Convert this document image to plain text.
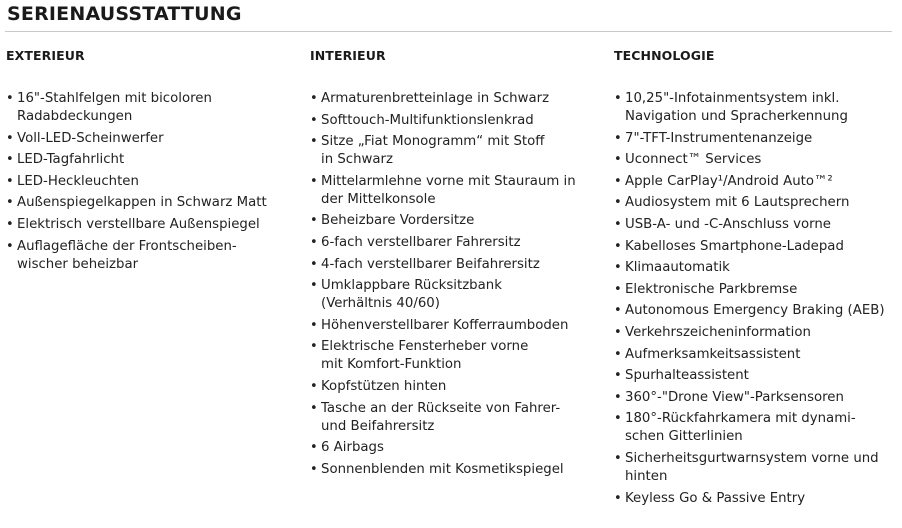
SERIENAUSSTATTUNG
EXTERIEUR
• 16"-Stahlfelgen mit bicoloren
Radabdeckungen
• Voll-LED-Scheinwerfer
• LED-Tagfahrlicht
• LED-Heckleuchten
• Außenspiegelkappen in Schwarz Matt
• Elektrisch verstellbare Außenspiegel
• Auflagefläche der Frontscheiben-
wischer beheizbar
INTERIEUR
• Armaturenbretteinlage in Schwarz
• Softtouch-Multifunktionslenkrad
• Sitze „Fiat Monogramm“ mit Stoff
in Schwarz
• Mittelarmlehne vorne mit Stauraum in
der Mittelkonsole
• Beheizbare Vordersitze
• 6-fach verstellbarer Fahrersitz
• 4-fach verstellbarer Beifahrersitz
• Umklappbare Rücksitzbank
(Verhältnis 40/60)
• Höhenverstellbarer Kofferraumboden
• Elektrische Fensterheber vorne
mit Komfort-Funktion
• Kopfstützen hinten
• Tasche an der Rückseite von Fahrer-
und Beifahrersitz
• 6 Airbags
• Sonnenblenden mit Kosmetikspiegel
TECHNOLOGIE
• 10,25"-Infotainmentsystem inkl.
Navigation und Spracherkennung
• 7"-TFT-Instrumentenanzeige
• Uconnect™ Services
• Apple CarPlay¹/Android Auto™²
• Audiosystem mit 6 Lautsprechern
• USB-A- und -C-Anschluss vorne
• Kabelloses Smartphone-Ladepad
• Klimaautomatik
• Elektronische Parkbremse
• Autonomous Emergency Braking (AEB)
• Verkehrszeicheninformation
• Aufmerksamkeitsassistent
• Spurhalteassistent
• 360°-"Drone View"-Parksensoren
• 180°-Rückfahrkamera mit dynami-
schen Gitterlinien
• Sicherheitsgurtwarnsystem vorne und
hinten
• Keyless Go & Passive Entry
